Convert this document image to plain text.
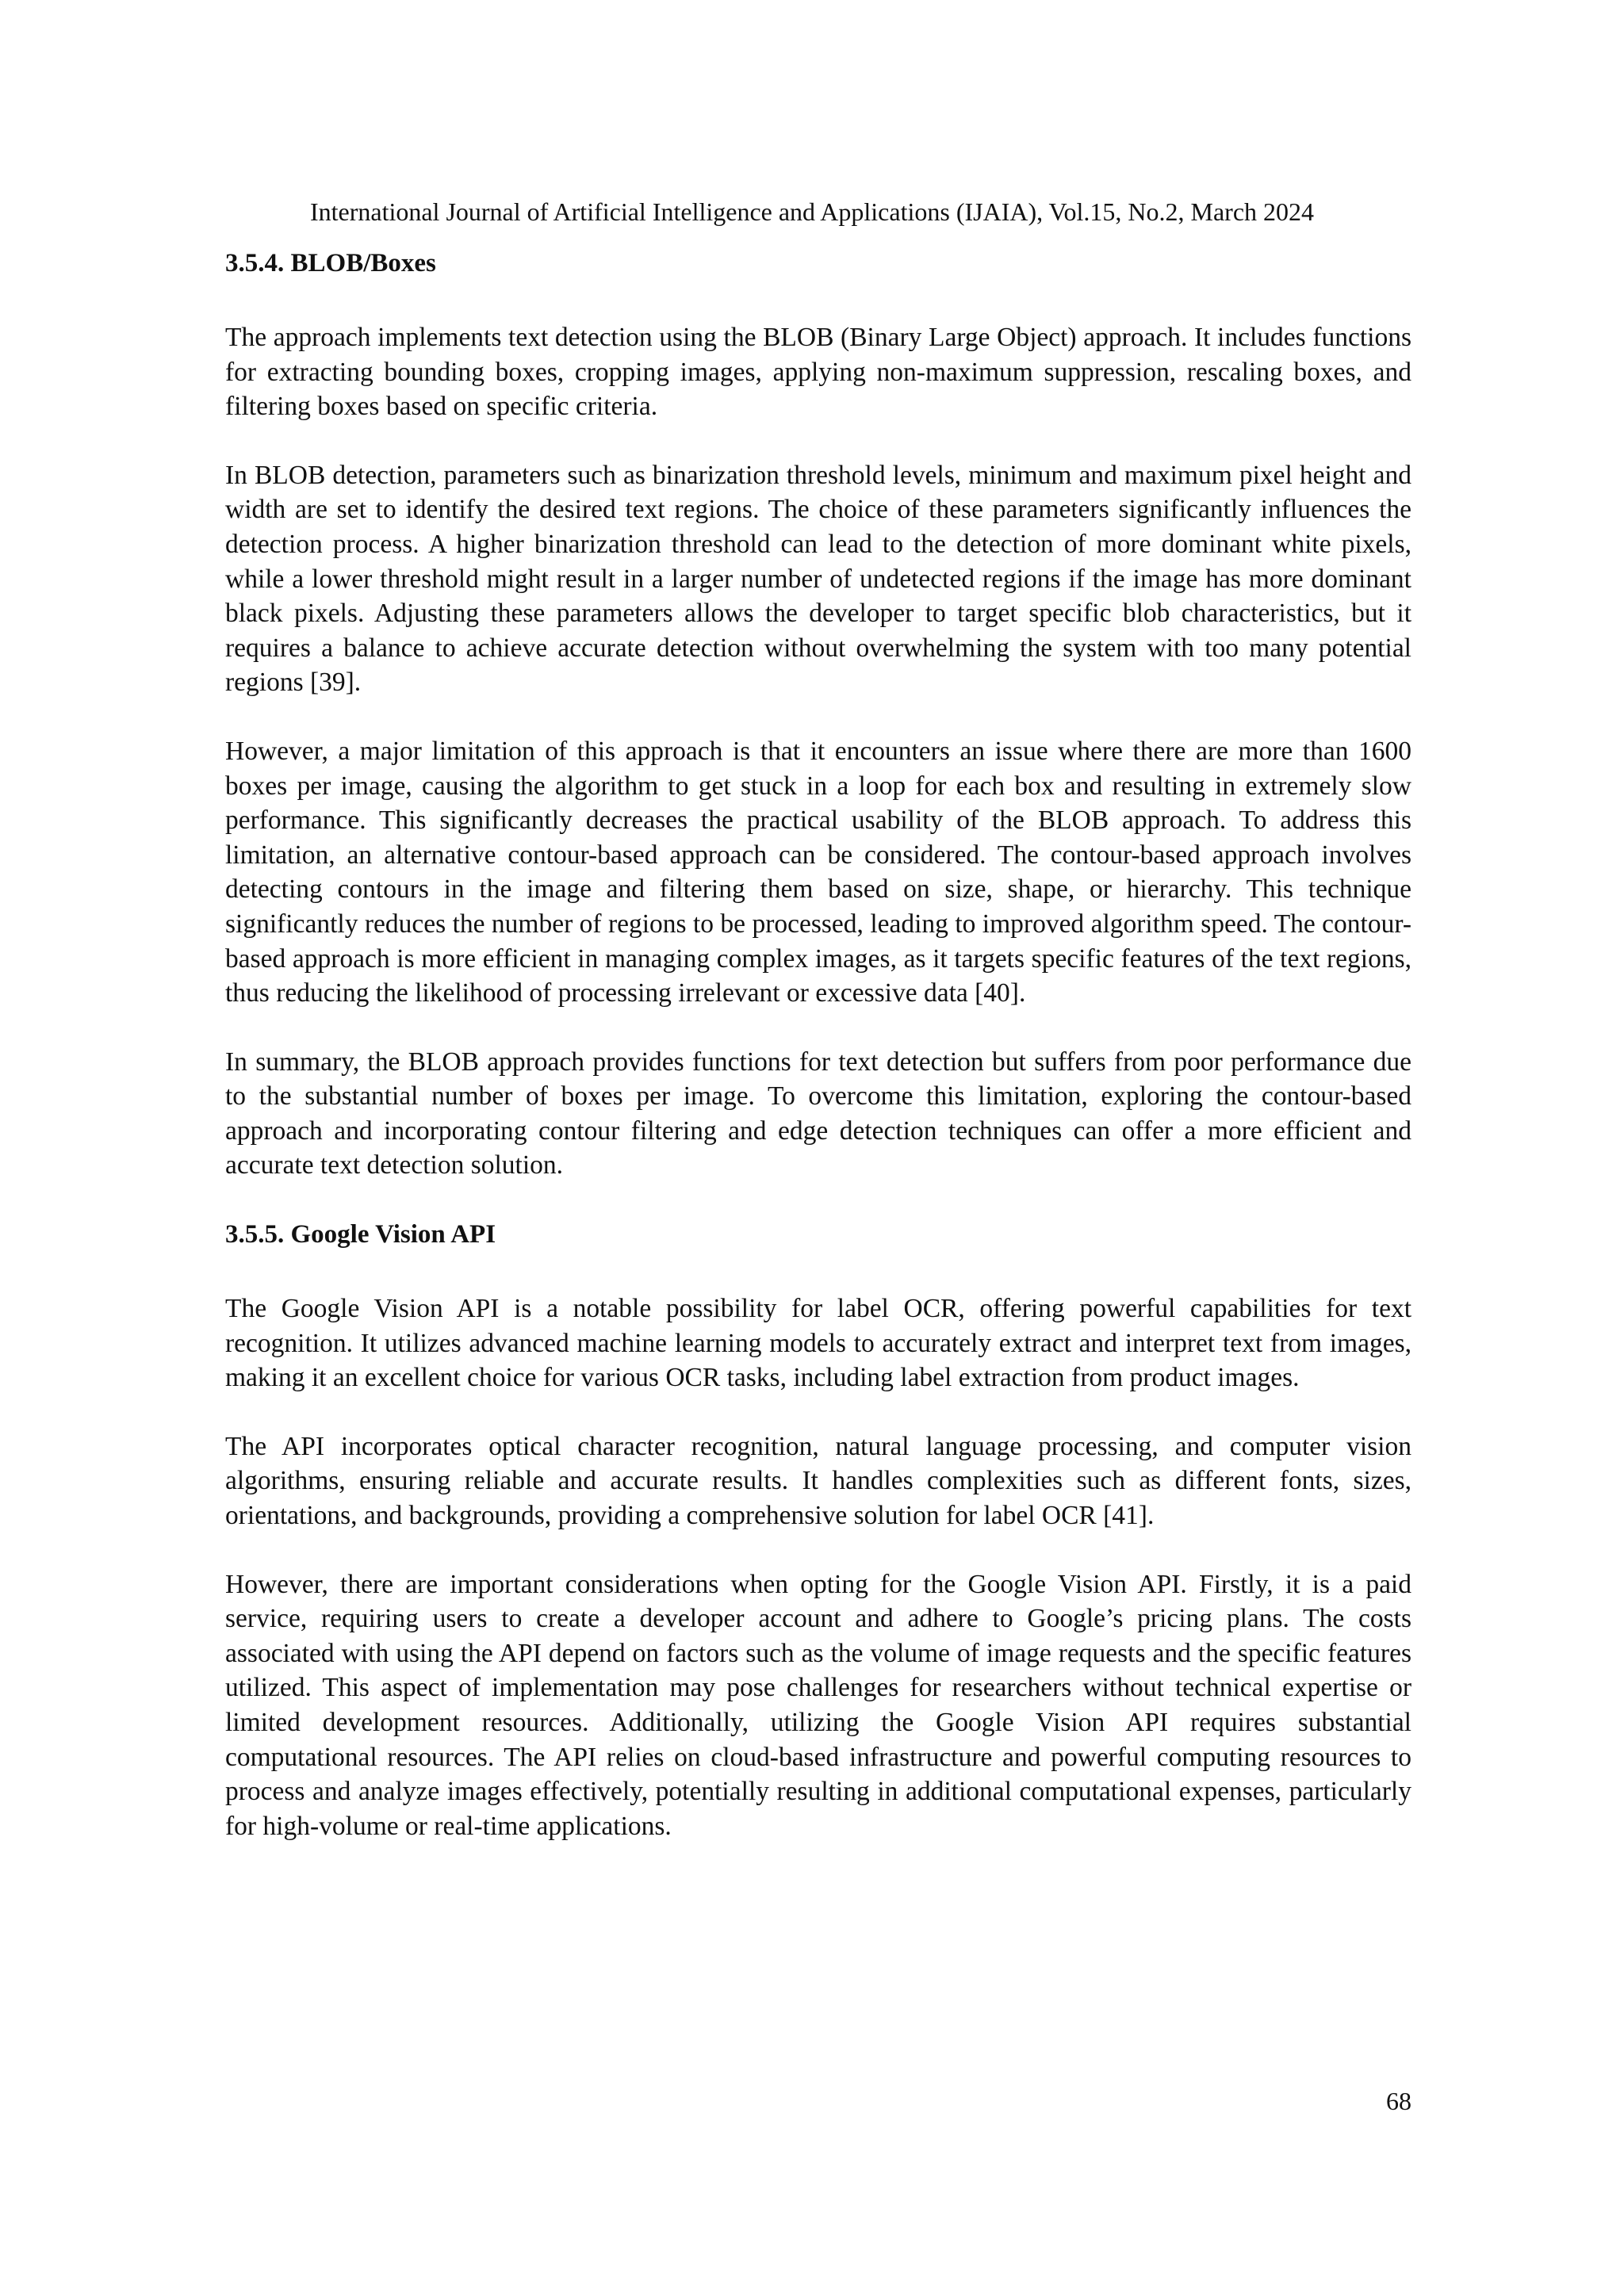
International Journal of Artificial Intelligence and Applications (IJAIA), Vol.15, No.2, March 2024
3.5.4. BLOB/Boxes

The approach implements text detection using the BLOB (Binary Large Object) approach. It includes functions for extracting bounding boxes, cropping images, applying non-maximum suppression, rescaling boxes, and filtering boxes based on specific criteria.

In BLOB detection, parameters such as binarization threshold levels, minimum and maximum pixel height and width are set to identify the desired text regions. The choice of these parameters significantly influences the detection process. A higher binarization threshold can lead to the detection of more dominant white pixels, while a lower threshold might result in a larger number of undetected regions if the image has more dominant black pixels. Adjusting these parameters allows the developer to target specific blob characteristics, but it requires a balance to achieve accurate detection without overwhelming the system with too many potential regions [39].

However, a major limitation of this approach is that it encounters an issue where there are more than 1600 boxes per image, causing the algorithm to get stuck in a loop for each box and resulting in extremely slow performance. This significantly decreases the practical usability of the BLOB approach. To address this limitation, an alternative contour-based approach can be considered. The contour-based approach involves detecting contours in the image and filtering them based on size, shape, or hierarchy. This technique significantly reduces the number of regions to be processed, leading to improved algorithm speed. The contour-based approach is more efficient in managing complex images, as it targets specific features of the text regions, thus reducing the likelihood of processing irrelevant or excessive data [40].

In summary, the BLOB approach provides functions for text detection but suffers from poor performance due to the substantial number of boxes per image. To overcome this limitation, exploring the contour-based approach and incorporating contour filtering and edge detection techniques can offer a more efficient and accurate text detection solution.

3.5.5. Google Vision API

The Google Vision API is a notable possibility for label OCR, offering powerful capabilities for text recognition. It utilizes advanced machine learning models to accurately extract and interpret text from images, making it an excellent choice for various OCR tasks, including label extraction from product images.

The API incorporates optical character recognition, natural language processing, and computer vision algorithms, ensuring reliable and accurate results. It handles complexities such as different fonts, sizes, orientations, and backgrounds, providing a comprehensive solution for label OCR [41].

However, there are important considerations when opting for the Google Vision API. Firstly, it is a paid service, requiring users to create a developer account and adhere to Google’s pricing plans. The costs associated with using the API depend on factors such as the volume of image requests and the specific features utilized. This aspect of implementation may pose challenges for researchers without technical expertise or limited development resources. Additionally, utilizing the Google Vision API requires substantial computational resources. The API relies on cloud-based infrastructure and powerful computing resources to process and analyze images effectively, potentially resulting in additional computational expenses, particularly for high-volume or real-time applications.

68
